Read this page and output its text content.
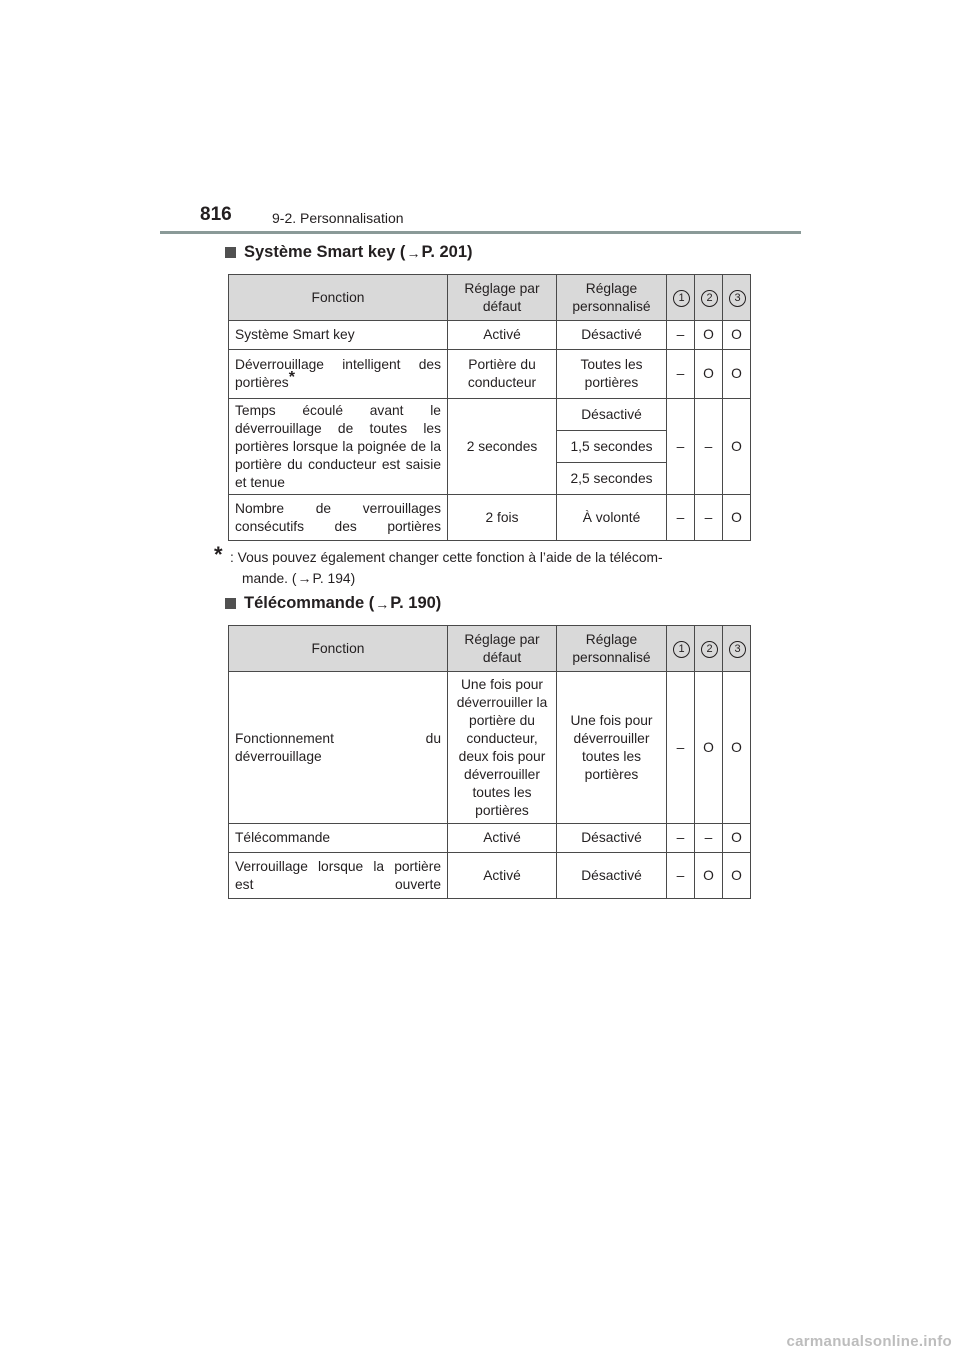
816	9-2. Personnalisation
Système Smart key ( → P. 201)
Fonction	Réglage par défaut	Réglage personnalisé	1	2	3
Système Smart key	Activé	Désactivé	–	O	O
Déverrouillage intelligent des portières*	Portière du conducteur	Toutes les portières	–	O	O
Temps écoulé avant le déverrouillage de toutes les portières lorsque la poignée de la portière du conducteur est saisie et tenue	2 secondes	Désactivé	–	–	O
		1,5 secondes			
		2,5 secondes			
Nombre de verrouillages consécutifs des portières	2 fois	À volonté	–	–	O
* : Vous pouvez également changer cette fonction à l’aide de la télécom-
mande. (→P. 194)
Télécommande ( → P. 190)
Fonction	Réglage par défaut	Réglage personnalisé	1	2	3
Fonctionnement du déverrouillage	Une fois pour déverrouiller la portière du conducteur, deux fois pour déverrouiller toutes les portières	Une fois pour déverrouiller toutes les portières	–	O	O
Télécommande	Activé	Désactivé	–	–	O
Verrouillage lorsque la portière est ouverte	Activé	Désactivé	–	O	O
carmanualsonline.info
